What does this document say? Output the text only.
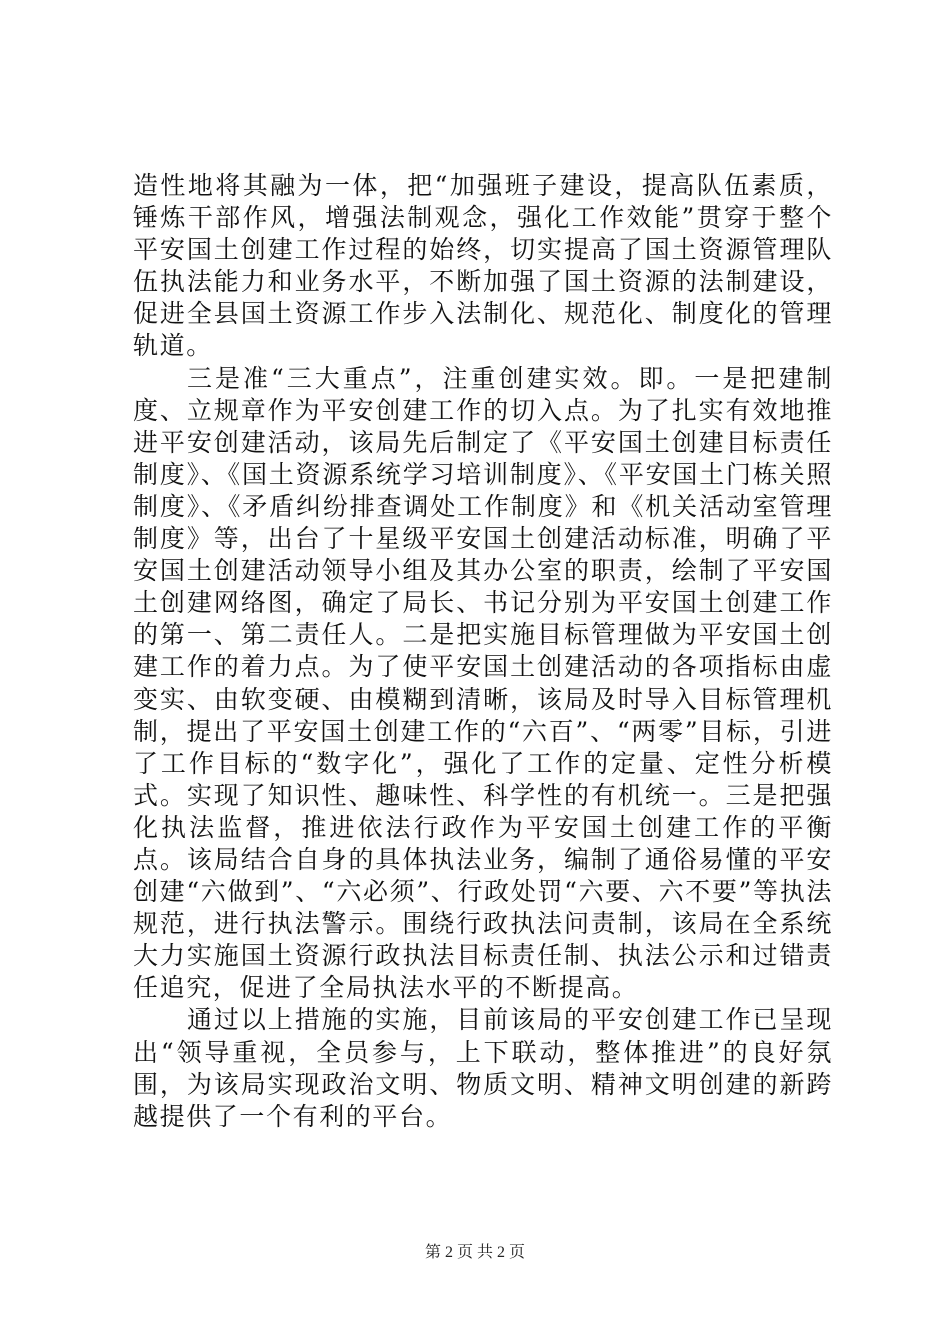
造性地将其融为一体，把“加强班子建设，提高队伍素质，锤炼干部作风，增强法制观念，强化工作效能”贯穿于整个平安国土创建工作过程的始终，切实提高了国土资源管理队伍执法能力和业务水平，不断加强了国土资源的法制建设，促进全县国土资源工作步入法制化、规范化、制度化的管理轨道。

三是准“三大重点”，注重创建实效。即。一是把建制度、立规章作为平安创建工作的切入点。为了扎实有效地推进平安创建活动，该局先后制定了《平安国土创建目标责任制度》、《国土资源系统学习培训制度》、《平安国土门栋关照制度》、《矛盾纠纷排查调处工作制度》和《机关活动室管理制度》等，出台了十星级平安国土创建活动标准，明确了平安国土创建活动领导小组及其办公室的职责，绘制了平安国土创建网络图，确定了局长、书记分别为平安国土创建工作的第一、第二责任人。二是把实施目标管理做为平安国土创建工作的着力点。为了使平安国土创建活动的各项指标由虚变实、由软变硬、由模糊到清晰，该局及时导入目标管理机制，提出了平安国土创建工作的“六百”、“两零”目标，引进了工作目标的“数字化”，强化了工作的定量、定性分析模式。实现了知识性、趣味性、科学性的有机统一。三是把强化执法监督，推进依法行政作为平安国土创建工作的平衡点。该局结合自身的具体执法业务，编制了通俗易懂的平安创建“六做到”、“六必须”、行政处罚“六要、六不要”等执法规范，进行执法警示。围绕行政执法问责制，该局在全系统大力实施国土资源行政执法目标责任制、执法公示和过错责任追究，促进了全局执法水平的不断提高。

通过以上措施的实施，目前该局的平安创建工作已呈现出“领导重视，全员参与，上下联动，整体推进”的良好氛围，为该局实现政治文明、物质文明、精神文明创建的新跨越提供了一个有利的平台。

第 2 页 共 2 页
